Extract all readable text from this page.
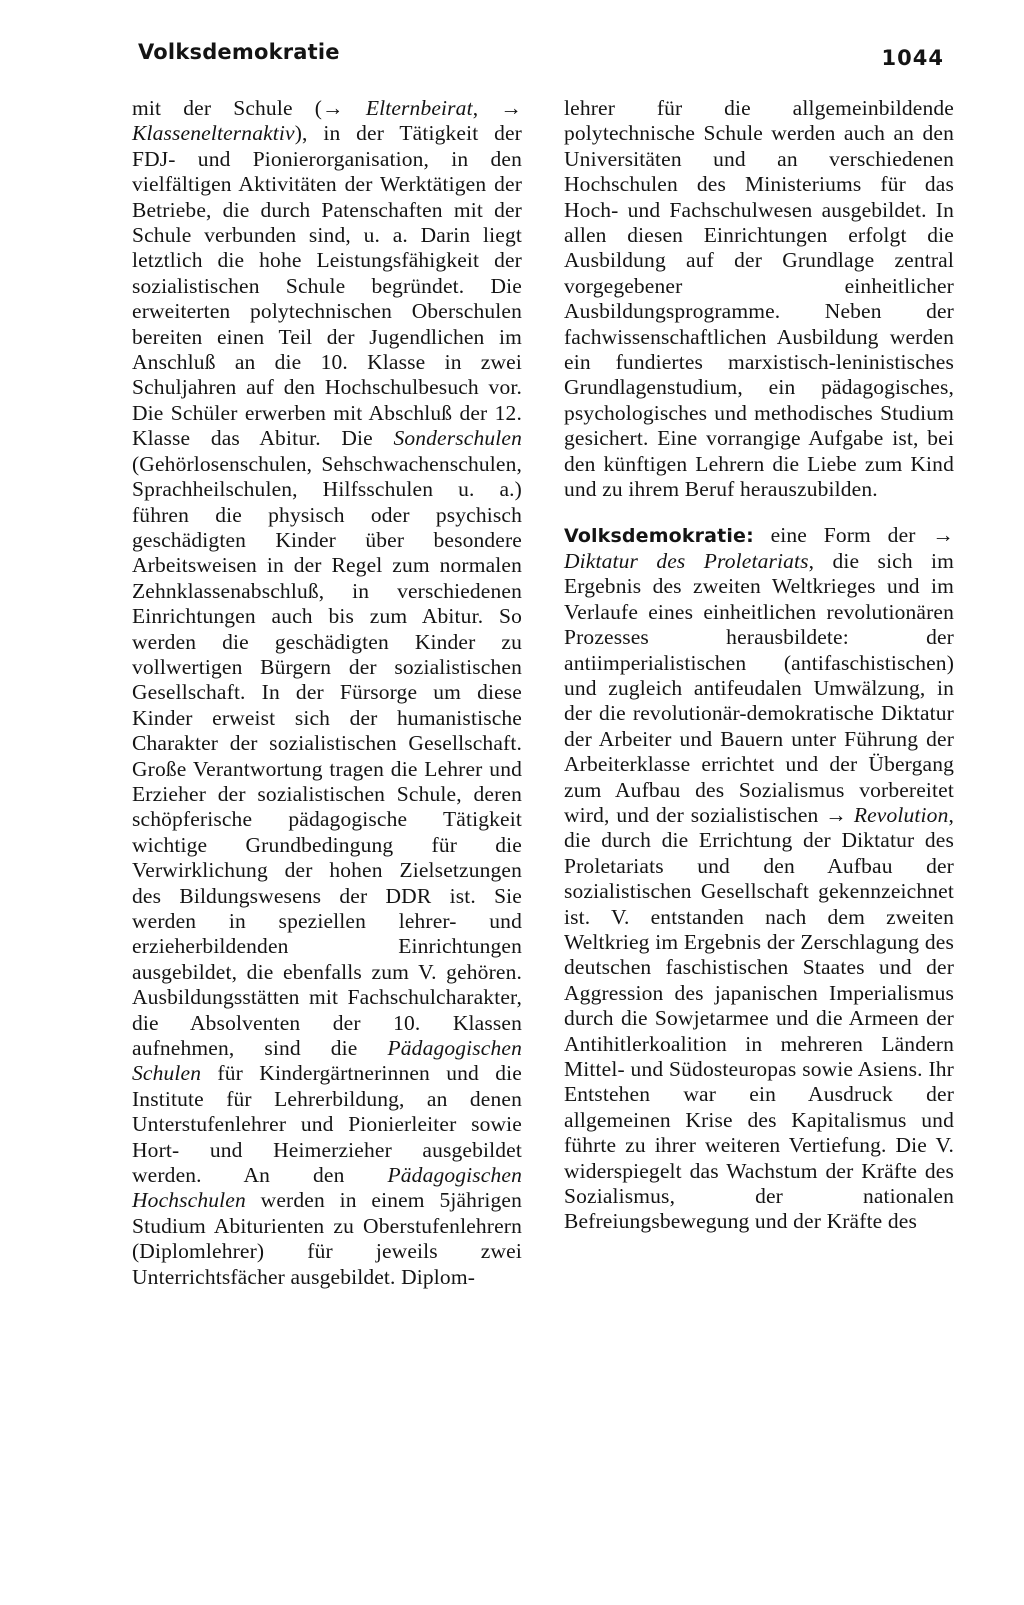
Volksdemokratie	1044

mit der Schule (→ Elternbeirat, → Klassenelternaktiv), in der Tätigkeit der FDJ- und Pionierorganisation, in den vielfältigen Aktivitäten der Werktätigen der Betriebe, die durch Patenschaften mit der Schule verbunden sind, u. a. Darin liegt letztlich die hohe Leistungsfähigkeit der sozialistischen Schule begründet. Die erweiterten polytechnischen Oberschulen bereiten einen Teil der Jugendlichen im Anschluß an die 10. Klasse in zwei Schuljahren auf den Hochschulbesuch vor. Die Schüler erwerben mit Abschluß der 12. Klasse das Abitur. Die Sonderschulen (Gehörlosenschulen, Sehschwachenschulen, Sprachheilschulen, Hilfsschulen u. a.) führen die physisch oder psychisch geschädigten Kinder über besondere Arbeitsweisen in der Regel zum normalen Zehnklassenabschluß, in verschiedenen Einrichtungen auch bis zum Abitur. So werden die geschädigten Kinder zu vollwertigen Bürgern der sozialistischen Gesellschaft. In der Fürsorge um diese Kinder erweist sich der humanistische Charakter der sozialistischen Gesellschaft. Große Verantwortung tragen die Lehrer und Erzieher der sozialistischen Schule, deren schöpferische pädagogische Tätigkeit wichtige Grundbedingung für die Verwirklichung der hohen Zielsetzungen des Bildungswesens der DDR ist. Sie werden in speziellen lehrer- und erzieherbildenden Einrichtungen ausgebildet, die ebenfalls zum V. gehören. Ausbildungsstätten mit Fachschulcharakter, die Absolventen der 10. Klassen aufnehmen, sind die Pädagogischen Schulen für Kindergärtnerinnen und die Institute für Lehrerbildung, an denen Unterstufenlehrer und Pionierleiter sowie Hort- und Heimerzieher ausgebildet werden. An den Pädagogischen Hochschulen werden in einem 5jährigen Studium Abiturienten zu Oberstufenlehrern (Diplomlehrer) für jeweils zwei Unterrichtsfächer ausgebildet. Diplom-

lehrer für die allgemeinbildende polytechnische Schule werden auch an den Universitäten und an verschiedenen Hochschulen des Ministeriums für das Hoch- und Fachschulwesen ausgebildet. In allen diesen Einrichtungen erfolgt die Ausbildung auf der Grundlage zentral vorgegebener einheitlicher Ausbildungsprogramme. Neben der fachwissenschaftlichen Ausbildung werden ein fundiertes marxistisch-leninistisches Grundlagenstudium, ein pädagogisches, psychologisches und methodisches Studium gesichert. Eine vorrangige Aufgabe ist, bei den künftigen Lehrern die Liebe zum Kind und zu ihrem Beruf herauszubilden.

Volksdemokratie: eine Form der → Diktatur des Proletariats, die sich im Ergebnis des zweiten Weltkrieges und im Verlaufe eines einheitlichen revolutionären Prozesses herausbildete: der antiimperialistischen (antifaschistischen) und zugleich antifeudalen Umwälzung, in der die revolutionär-demokratische Diktatur der Arbeiter und Bauern unter Führung der Arbeiterklasse errichtet und der Übergang zum Aufbau des Sozialismus vorbereitet wird, und der sozialistischen → Revolution, die durch die Errichtung der Diktatur des Proletariats und den Aufbau der sozialistischen Gesellschaft gekennzeichnet ist. V. entstanden nach dem zweiten Weltkrieg im Ergebnis der Zerschlagung des deutschen faschistischen Staates und der Aggression des japanischen Imperialismus durch die Sowjetarmee und die Armeen der Antihitlerkoalition in mehreren Ländern Mittel- und Südosteuropas sowie Asiens. Ihr Entstehen war ein Ausdruck der allgemeinen Krise des Kapitalismus und führte zu ihrer weiteren Vertiefung. Die V. widerspiegelt das Wachstum der Kräfte des Sozialismus, der nationalen Befreiungsbewegung und der Kräfte des
